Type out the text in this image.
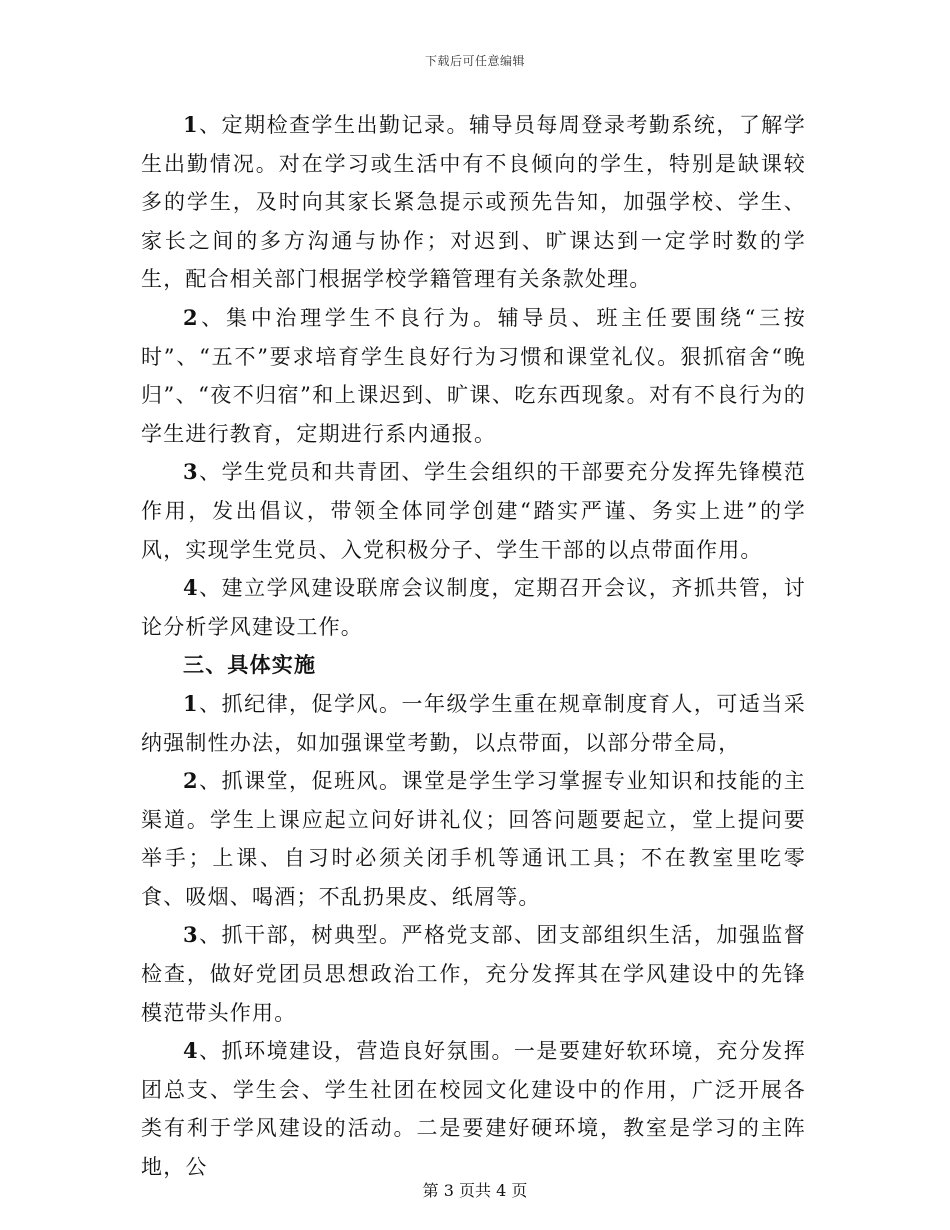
下载后可任意编辑

1、定期检查学生出勤记录。辅导员每周登录考勤系统，了解学生出勤情况。对在学习或生活中有不良倾向的学生，特别是缺课较多的学生，及时向其家长紧急提示或预先告知，加强学校、学生、家长之间的多方沟通与协作；对迟到、旷课达到一定学时数的学生，配合相关部门根据学校学籍管理有关条款处理。

2、集中治理学生不良行为。辅导员、班主任要围绕“三按时”、“五不”要求培育学生良好行为习惯和课堂礼仪。狠抓宿舍“晚归”、“夜不归宿”和上课迟到、旷课、吃东西现象。对有不良行为的学生进行教育，定期进行系内通报。

3、学生党员和共青团、学生会组织的干部要充分发挥先锋模范作用，发出倡议，带领全体同学创建“踏实严谨、务实上进”的学风，实现学生党员、入党积极分子、学生干部的以点带面作用。

4、建立学风建设联席会议制度，定期召开会议，齐抓共管，讨论分析学风建设工作。

三、具体实施

1、抓纪律，促学风。一年级学生重在规章制度育人，可适当采纳强制性办法，如加强课堂考勤，以点带面，以部分带全局，

2、抓课堂，促班风。课堂是学生学习掌握专业知识和技能的主渠道。学生上课应起立问好讲礼仪；回答问题要起立，堂上提问要举手；上课、自习时必须关闭手机等通讯工具；不在教室里吃零食、吸烟、喝酒；不乱扔果皮、纸屑等。

3、抓干部，树典型。严格党支部、团支部组织生活，加强监督检查，做好党团员思想政治工作，充分发挥其在学风建设中的先锋模范带头作用。

4、抓环境建设，营造良好氛围。一是要建好软环境，充分发挥团总支、学生会、学生社团在校园文化建设中的作用，广泛开展各类有利于学风建设的活动。二是要建好硬环境，教室是学习的主阵地，公

第 3 页共 4 页
